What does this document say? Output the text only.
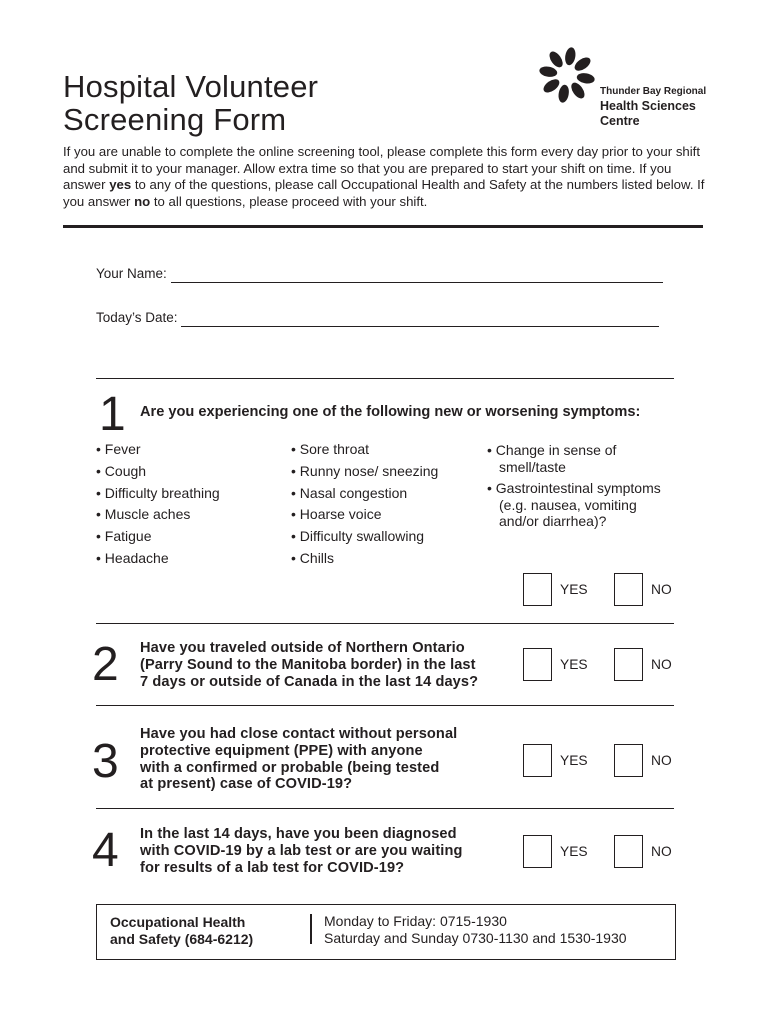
Hospital Volunteer
Screening Form
Thunder Bay Regional
Health Sciences
Centre

If you are unable to complete the online screening tool, please complete this form every day prior to your shift and submit it to your manager. Allow extra time so that you are prepared to start your shift on time. If you answer yes to any of the questions, please call Occupational Health and Safety at the numbers listed below. If you answer no to all questions, please proceed with your shift.

Your Name:
Today’s Date:
1 Are you experiencing one of the following new or worsening symptoms:
• Fever
• Cough
• Difficulty breathing
• Muscle aches
• Fatigue
• Headache
• Sore throat
• Runny nose/ sneezing
• Nasal congestion
• Hoarse voice
• Difficulty swallowing
• Chills
• Change in sense of smell/taste
• Gastrointestinal symptoms (e.g. nausea, vomiting and/or diarrhea)?
YES	NO
2 Have you traveled outside of Northern Ontario
(Parry Sound to the Manitoba border) in the last
7 days or outside of Canada in the last 14 days?
YES	NO
3
Have you had close contact without personal
protective equipment (PPE) with anyone
with a confirmed or probable (being tested
at present) case of COVID-19?
YES	NO
4 In the last 14 days, have you been diagnosed
with COVID-19 by a lab test or are you waiting
for results of a lab test for COVID-19?
YES	NO
Occupational Health
and Safety (684-6212)
Monday to Friday: 0715-1930
Saturday and Sunday 0730-1130 and 1530-1930
